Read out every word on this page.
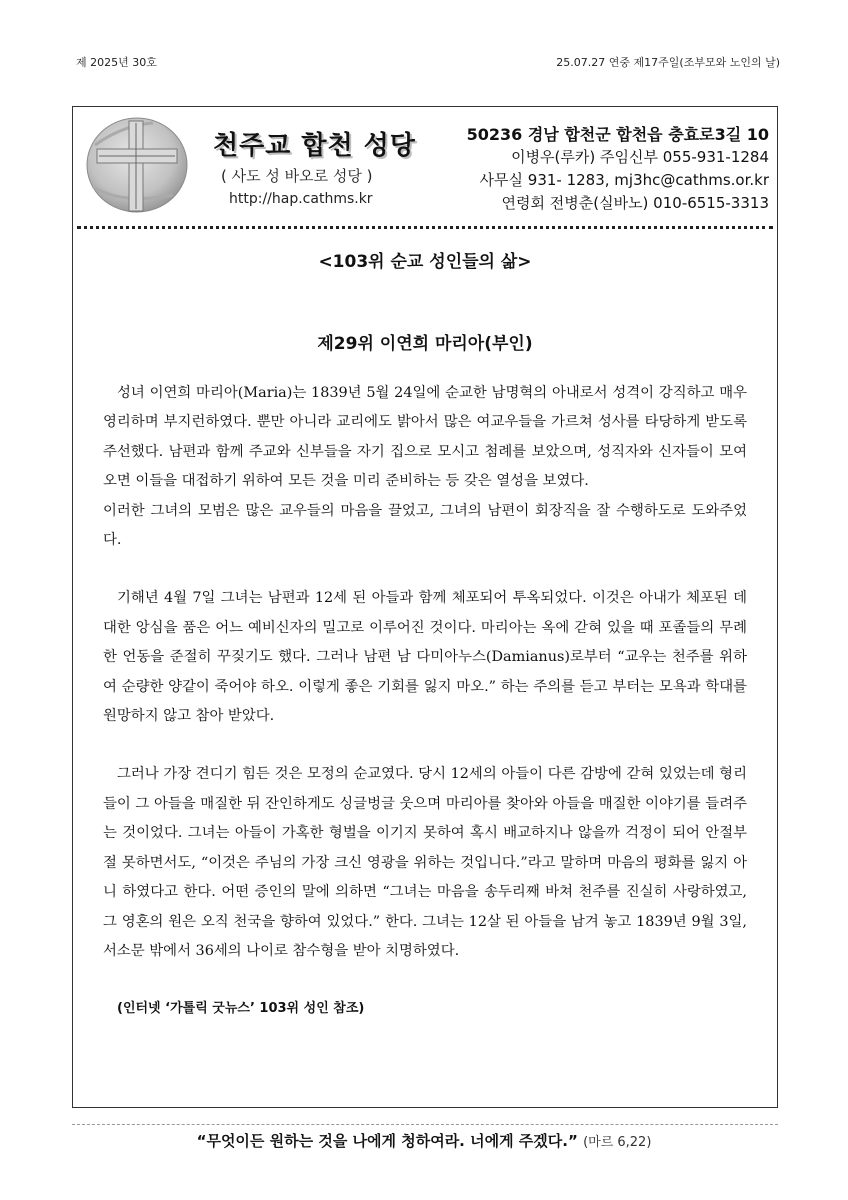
제 2025년 30호	25.07.27 연중 제17주일(조부모와 노인의 날)
천주교 합천 성당
( 사도 성 바오로 성당 )
http://hap.cathms.kr
50236 경남 합천군 합천읍 충효로3길 10
이병우(루카) 주임신부 055-931-1284
사무실 931- 1283, mj3hc@cathms.or.kr
연령회 전병춘(실바노) 010-6515-3313
<103위 순교 성인들의 삶>
제29위 이연희 마리아(부인)

성녀 이연희 마리아(Maria)는 1839년 5월 24일에 순교한 남명혁의 아내로서 성격이 강직하고 매우 영리하며 부지런하였다. 뿐만 아니라 교리에도 밝아서 많은 여교우들을 가르쳐 성사를 타당하게 받도록 주선했다. 남편과 함께 주교와 신부들을 자기 집으로 모시고 첨례를 보았으며, 성직자와 신자들이 모여오면 이들을 대접하기 위하여 모든 것을 미리 준비하는 등 갖은 열성을 보였다.

이러한 그녀의 모범은 많은 교우들의 마음을 끌었고, 그녀의 남편이 회장직을 잘 수행하도로 도와주었다.

기해년 4월 7일 그녀는 남편과 12세 된 아들과 함께 체포되어 투옥되었다. 이것은 아내가 체포된 데 대한 앙심을 품은 어느 예비신자의 밀고로 이루어진 것이다. 마리아는 옥에 갇혀 있을 때 포졸들의 무례한 언동을 준절히 꾸짖기도 했다. 그러나 남편 남 다미아누스(Damianus)로부터 “교우는 천주를 위하여 순량한 양같이 죽어야 하오. 이렇게 좋은 기회를 잃지 마오.” 하는 주의를 듣고 부터는 모욕과 학대를 원망하지 않고 참아 받았다.

그러나 가장 견디기 힘든 것은 모정의 순교였다. 당시 12세의 아들이 다른 감방에 갇혀 있었는데 형리들이 그 아들을 매질한 뒤 잔인하게도 싱글벙글 웃으며 마리아를 찾아와 아들을 매질한 이야기를 들려주는 것이었다. 그녀는 아들이 가혹한 형벌을 이기지 못하여 혹시 배교하지나 않을까 걱정이 되어 안절부절 못하면서도, “이것은 주님의 가장 크신 영광을 위하는 것입니다.”라고 말하며 마음의 평화를 잃지 아니 하였다고 한다. 어떤 증인의 말에 의하면 “그녀는 마음을 송두리째 바쳐 천주를 진실히 사랑하였고, 그 영혼의 원은 오직 천국을 향하여 있었다.” 한다. 그녀는 12살 된 아들을 남겨 놓고 1839년 9월 3일, 서소문 밖에서 36세의 나이로 참수형을 받아 치명하였다.

(인터넷 ‘가톨릭 굿뉴스’ 103위 성인 참조)

“무엇이든 원하는 것을 나에게 청하여라. 너에게 주겠다.” (마르 6,22)
